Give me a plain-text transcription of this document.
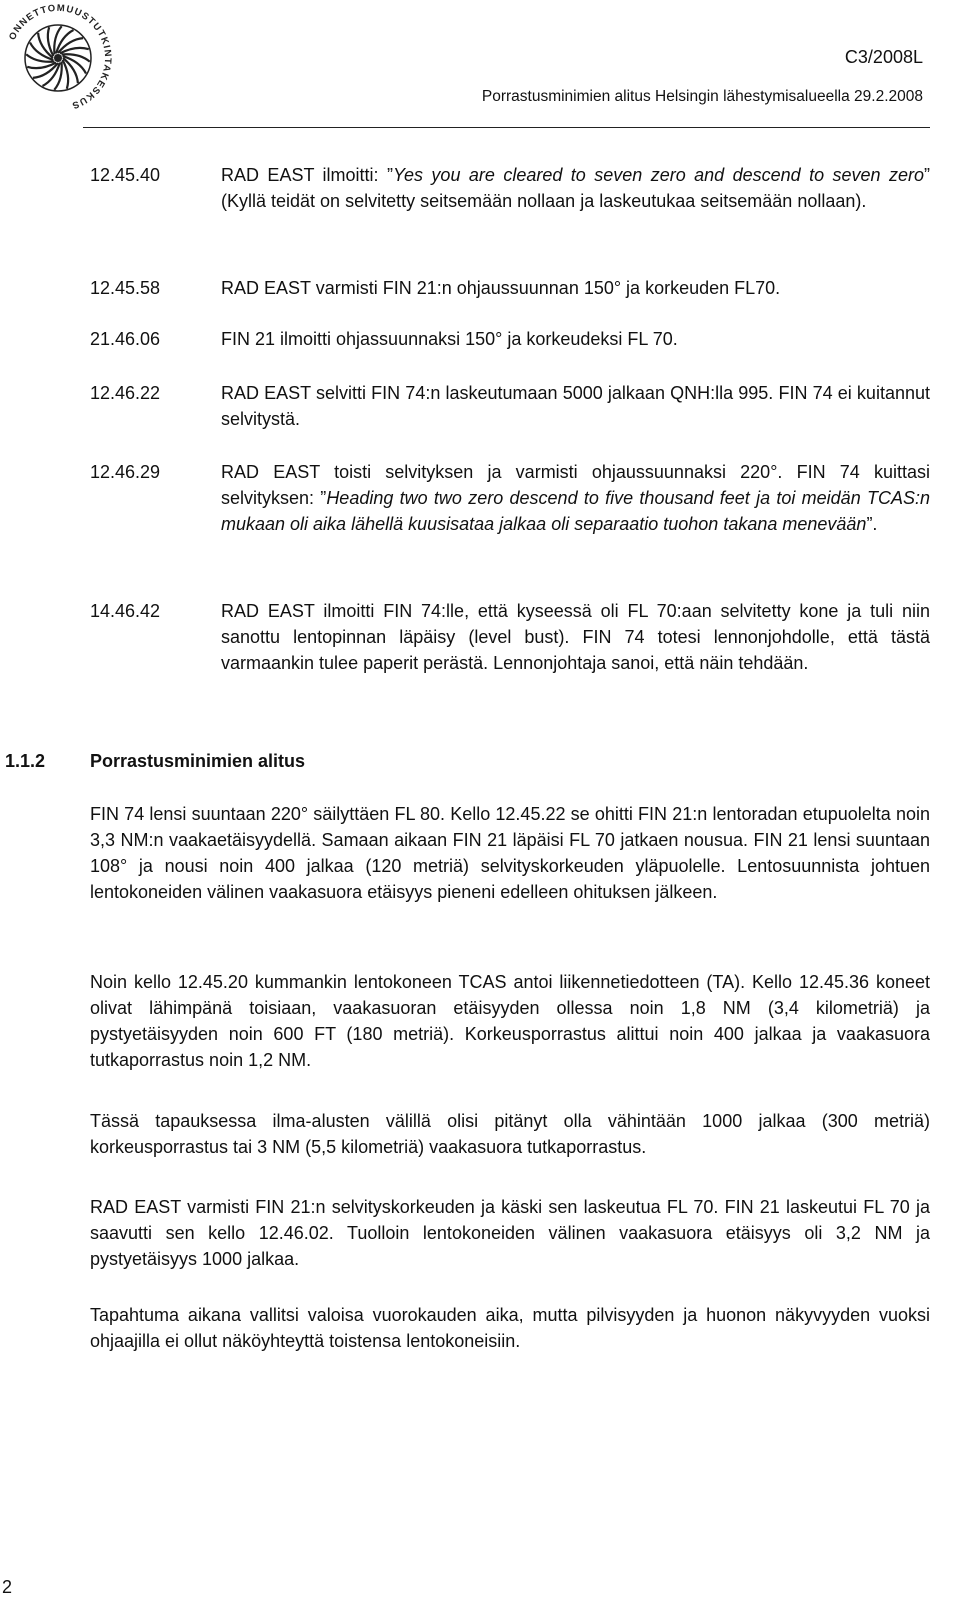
ONNETTOMUUSTUTKINTAKESKUS
C3/2008L
Porrastusminimien alitus Helsingin lähestymisalueella 29.2.2008
12.45.40	RAD EAST ilmoitti: ”Yes you are cleared to seven zero and descend to seven zero” (Kyllä teidät on selvitetty seitsemään nollaan ja laskeutukaa seitsemään nollaan).
12.45.58	RAD EAST varmisti FIN 21:n ohjaussuunnan 150° ja korkeuden FL70.
21.46.06	FIN 21 ilmoitti ohjassuunnaksi 150° ja korkeudeksi FL 70.
12.46.22	RAD EAST selvitti FIN 74:n laskeutumaan 5000 jalkaan QNH:lla 995. FIN 74 ei kuitannut selvitystä.
12.46.29	RAD EAST toisti selvityksen ja varmisti ohjaussuunnaksi 220°. FIN 74 kuittasi selvityksen: ”Heading two two zero descend to five thousand feet ja toi meidän TCAS:n mukaan oli aika lähellä kuusisataa jalkaa oli separaatio tuohon takana menevään”.
14.46.42	RAD EAST ilmoitti FIN 74:lle, että kyseessä oli FL 70:aan selvitetty kone ja tuli niin sanottu lentopinnan läpäisy (level bust). FIN 74 totesi lennonjohdolle, että tästä varmaankin tulee paperit perästä. Lennonjohtaja sanoi, että näin tehdään.
1.1.2 Porrastusminimien alitus

FIN 74 lensi suuntaan 220° säilyttäen FL 80. Kello 12.45.22 se ohitti FIN 21:n lentoradan etupuolelta noin 3,3 NM:n vaakaetäisyydellä. Samaan aikaan FIN 21 läpäisi FL 70 jatkaen nousua. FIN 21 lensi suuntaan 108° ja nousi noin 400 jalkaa (120 metriä) selvityskorkeuden yläpuolelle. Lentosuunnista johtuen lentokoneiden välinen vaakasuora etäisyys pieneni edelleen ohituksen jälkeen.

Noin kello 12.45.20 kummankin lentokoneen TCAS antoi liikennetiedotteen (TA). Kello 12.45.36 koneet olivat lähimpänä toisiaan, vaakasuoran etäisyyden ollessa noin 1,8 NM (3,4 kilometriä) ja pystyetäisyyden noin 600 FT (180 metriä). Korkeusporrastus alittui noin 400 jalkaa ja vaakasuora tutkaporrastus noin 1,2 NM.

Tässä tapauksessa ilma-alusten välillä olisi pitänyt olla vähintään 1000 jalkaa (300 metriä) korkeusporrastus tai 3 NM (5,5 kilometriä) vaakasuora tutkaporrastus.

RAD EAST varmisti FIN 21:n selvityskorkeuden ja käski sen laskeutua FL 70. FIN 21 laskeutui FL 70 ja saavutti sen kello 12.46.02. Tuolloin lentokoneiden välinen vaakasuora etäisyys oli 3,2 NM ja pystyetäisyys 1000 jalkaa.

Tapahtuma aikana vallitsi valoisa vuorokauden aika, mutta pilvisyyden ja huonon näkyvyyden vuoksi ohjaajilla ei ollut näköyhteyttä toistensa lentokoneisiin.

2
